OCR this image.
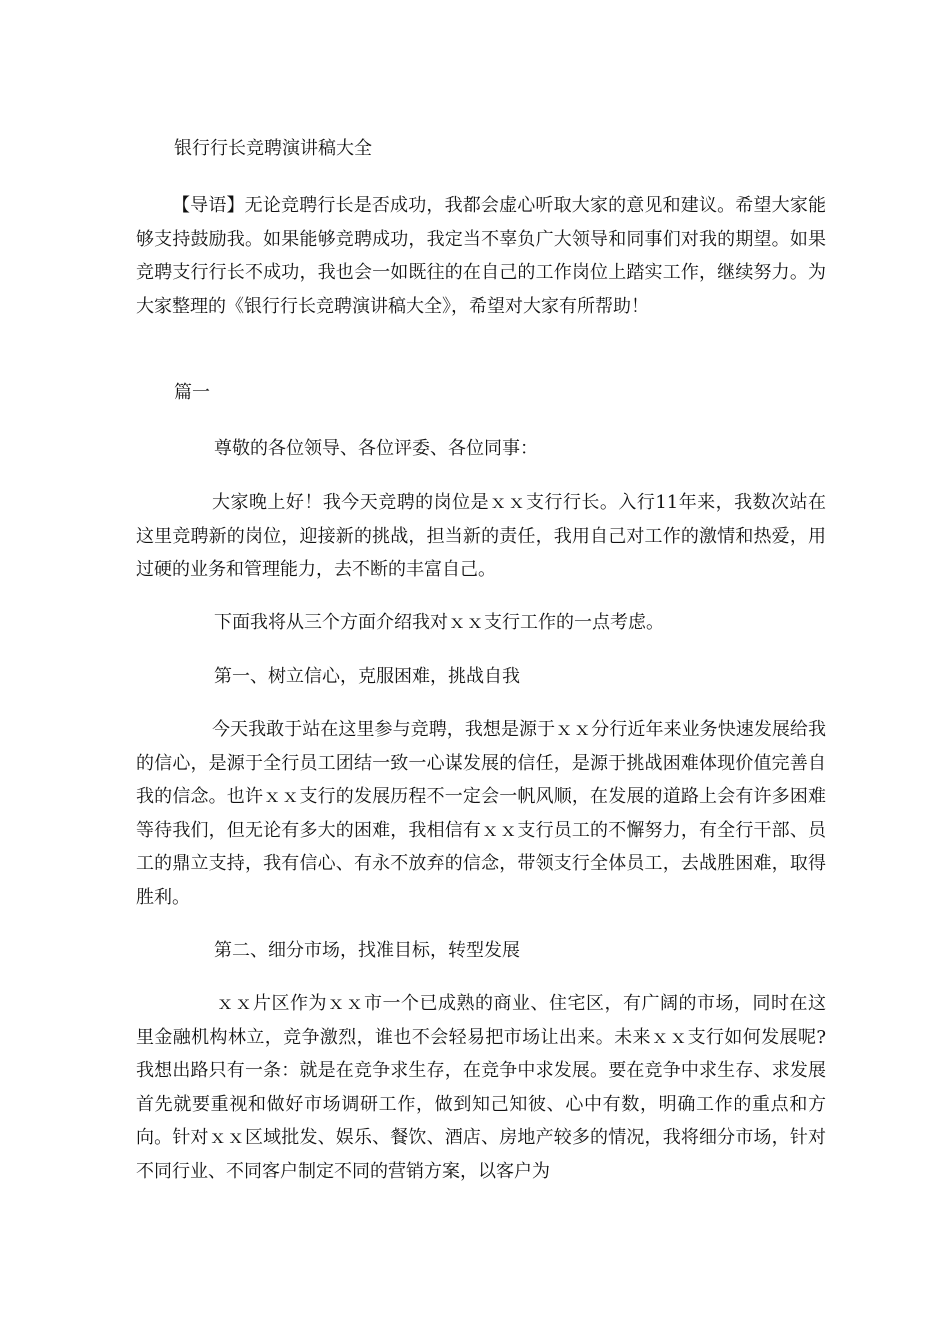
银行行长竞聘演讲稿大全
【导语】无论竞聘行长是否成功，我都会虚心听取大家的意见和建议。希望大家能够支持鼓励我。如果能够竞聘成功，我定当不辜负广大领导和同事们对我的期望。如果竞聘支行行长不成功，我也会一如既往的在自己的工作岗位上踏实工作，继续努力。为大家整理的《银行行长竞聘演讲稿大全》，希望对大家有所帮助！
篇一
尊敬的各位领导、各位评委、各位同事：
大家晚上好！我今天竞聘的岗位是ｘｘ支行行长。入行11年来，我数次站在这里竞聘新的岗位，迎接新的挑战，担当新的责任，我用自己对工作的激情和热爱，用过硬的业务和管理能力，去不断的丰富自己。
下面我将从三个方面介绍我对ｘｘ支行工作的一点考虑。
第一、树立信心，克服困难，挑战自我
今天我敢于站在这里参与竞聘，我想是源于ｘｘ分行近年来业务快速发展给我的信心，是源于全行员工团结一致一心谋发展的信任，是源于挑战困难体现价值完善自我的信念。也许ｘｘ支行的发展历程不一定会一帆风顺，在发展的道路上会有许多困难等待我们，但无论有多大的困难，我相信有ｘｘ支行员工的不懈努力，有全行干部、员工的鼎立支持，我有信心、有永不放弃的信念，带领支行全体员工，去战胜困难，取得胜利。
第二、细分市场，找准目标，转型发展
ｘｘ片区作为ｘｘ市一个已成熟的商业、住宅区，有广阔的市场，同时在这里金融机构林立，竞争激烈，谁也不会轻易把市场让出来。未来ｘｘ支行如何发展呢?我想出路只有一条：就是在竞争求生存，在竞争中求发展。要在竞争中求生存、求发展首先就要重视和做好市场调研工作，做到知己知彼、心中有数，明确工作的重点和方向。针对ｘｘ区域批发、娱乐、餐饮、酒店、房地产较多的情况，我将细分市场，针对不同行业、不同客户制定不同的营销方案，以客户为
